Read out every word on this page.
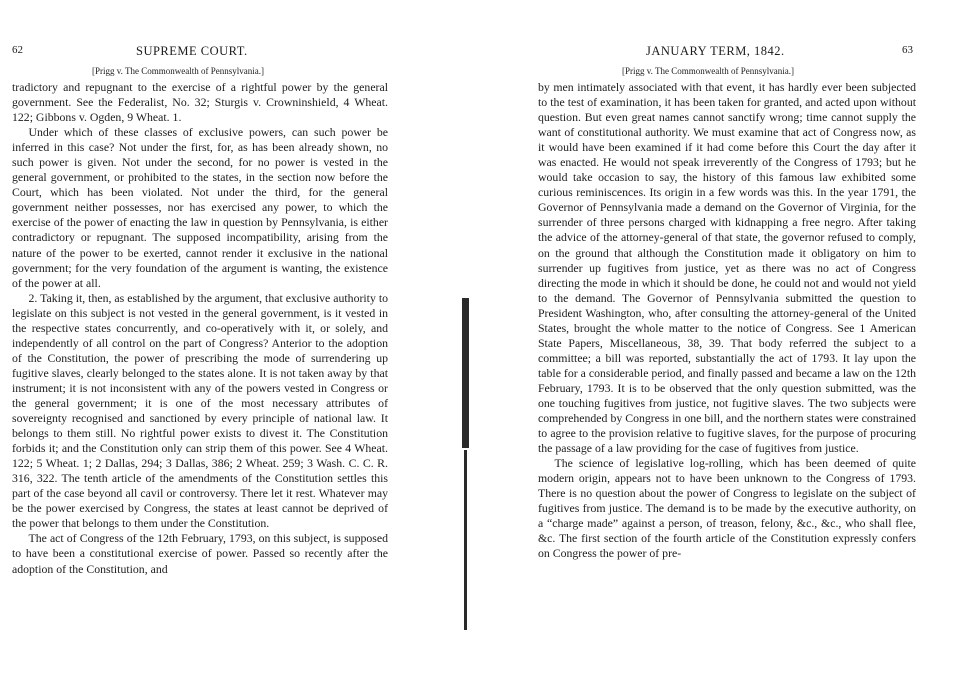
62	SUPREME COURT.
[Prigg v. The Commonwealth of Pennsylvania.]

tradictory and repugnant to the exercise of a rightful power by the general government. See the Federalist, No. 32; Sturgis v. Crowninshield, 4 Wheat. 122; Gibbons v. Ogden, 9 Wheat. 1.

Under which of these classes of exclusive powers, can such power be inferred in this case? Not under the first, for, as has been already shown, no such power is given. Not under the second, for no power is vested in the general government, or prohibited to the states, in the section now before the Court, which has been violated. Not under the third, for the general government neither possesses, nor has exercised any power, to which the exercise of the power of enacting the law in question by Pennsylvania, is either contradictory or repugnant. The supposed incompatibility, arising from the nature of the power to be exerted, cannot render it exclusive in the national government; for the very foundation of the argument is wanting, the existence of the power at all.

2. Taking it, then, as established by the argument, that exclusive authority to legislate on this subject is not vested in the general government, is it vested in the respective states concurrently, and co-operatively with it, or solely, and independently of all control on the part of Congress? Anterior to the adoption of the Constitution, the power of prescribing the mode of surrendering up fugitive slaves, clearly belonged to the states alone. It is not taken away by that instrument; it is not inconsistent with any of the powers vested in Congress or the general government; it is one of the most necessary attributes of sovereignty recognised and sanctioned by every principle of national law. It belongs to them still. No rightful power exists to divest it. The Constitution forbids it; and the Constitution only can strip them of this power. See 4 Wheat. 122; 5 Wheat. 1; 2 Dallas, 294; 3 Dallas, 386; 2 Wheat. 259; 3 Wash. C. C. R. 316, 322. The tenth article of the amendments of the Constitution settles this part of the case beyond all cavil or controversy. There let it rest. Whatever may be the power exercised by Congress, the states at least cannot be deprived of the power that belongs to them under the Constitution.

The act of Congress of the 12th February, 1793, on this subject, is supposed to have been a constitutional exercise of power. Passed so recently after the adoption of the Constitution, and

JANUARY TERM, 1842.	63
[Prigg v. The Commonwealth of Pennsylvania.]

by men intimately associated with that event, it has hardly ever been subjected to the test of examination, it has been taken for granted, and acted upon without question. But even great names cannot sanctify wrong; time cannot supply the want of constitutional authority. We must examine that act of Congress now, as it would have been examined if it had come before this Court the day after it was enacted. He would not speak irreverently of the Congress of 1793; but he would take occasion to say, the history of this famous law exhibited some curious reminiscences. Its origin in a few words was this. In the year 1791, the Governor of Pennsylvania made a demand on the Governor of Virginia, for the surrender of three persons charged with kidnapping a free negro. After taking the advice of the attorney-general of that state, the governor refused to comply, on the ground that although the Constitution made it obligatory on him to surrender up fugitives from justice, yet as there was no act of Congress directing the mode in which it should be done, he could not and would not yield to the demand. The Governor of Pennsylvania submitted the question to President Washington, who, after consulting the attorney-general of the United States, brought the whole matter to the notice of Congress. See 1 American State Papers, Miscellaneous, 38, 39. That body referred the subject to a committee; a bill was reported, substantially the act of 1793. It lay upon the table for a considerable period, and finally passed and became a law on the 12th February, 1793. It is to be observed that the only question submitted, was the one touching fugitives from justice, not fugitive slaves. The two subjects were comprehended by Congress in one bill, and the northern states were constrained to agree to the provision relative to fugitive slaves, for the purpose of procuring the passage of a law providing for the case of fugitives from justice.

The science of legislative log-rolling, which has been deemed of quite modern origin, appears not to have been unknown to the Congress of 1793. There is no question about the power of Congress to legislate on the subject of fugitives from justice. The demand is to be made by the executive authority, on a “charge made” against a person, of treason, felony, &c., &c., who shall flee, &c. The first section of the fourth article of the Constitution expressly confers on Congress the power of pre-
